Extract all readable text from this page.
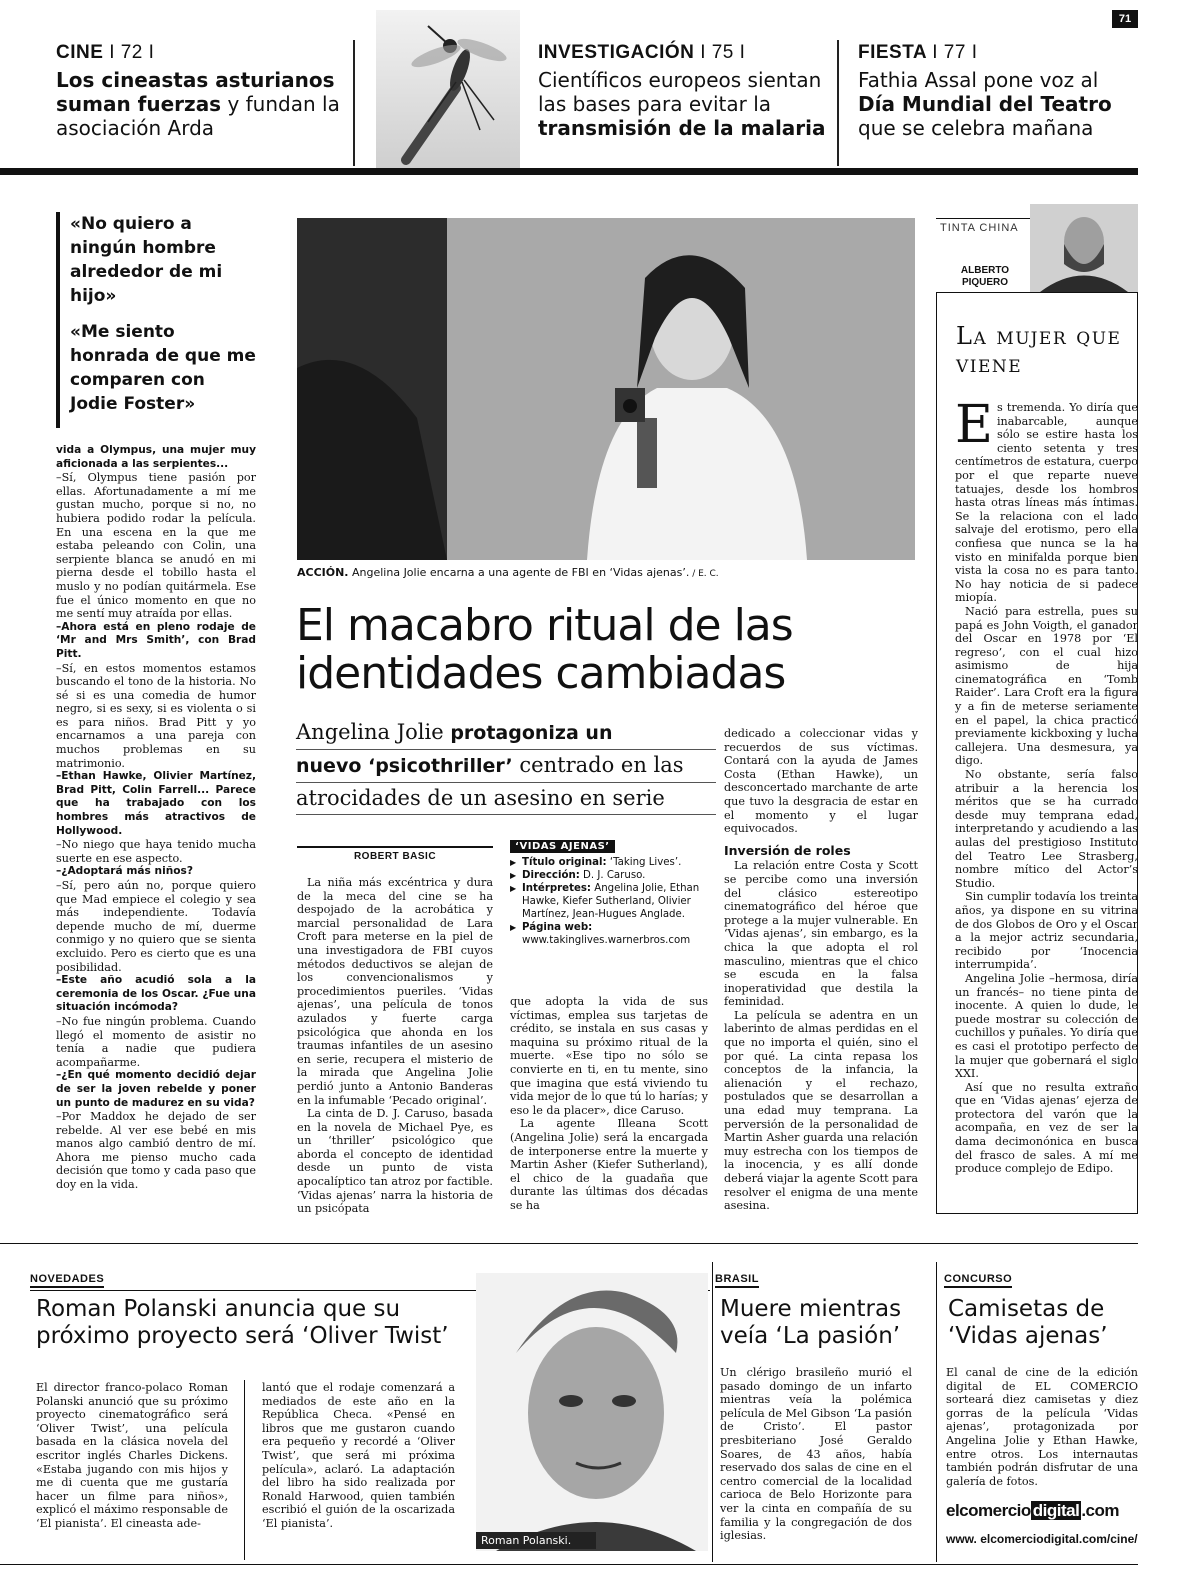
71
CINE I 72 I
Los cineastas asturianos suman fuerzas y fundan la asociación Arda
INVESTIGACIÓN I 75 I
Científicos europeos sientan las bases para evitar la transmisión de la malaria
FIESTA I 77 I
Fathia Assal pone voz al Día Mundial del Teatro que se celebra mañana

«No quiero a ningún hombre alrededor de mi hijo»

«Me siento honrada de que me comparen con Jodie Foster»

vida a Olympus, una mujer muy aficionada a las serpientes...

–Sí, Olympus tiene pasión por ellas. Afortunadamente a mí me gustan mucho, porque si no, no hubiera podido rodar la película. En una escena en la que me estaba peleando con Colin, una serpiente blanca se anudó en mi pierna desde el tobillo hasta el muslo y no podían quitármela. Ese fue el único momento en que no me sentí muy atraída por ellas.

–Ahora está en pleno rodaje de ‘Mr and Mrs Smith’, con Brad Pitt.

–Sí, en estos momentos estamos buscando el tono de la historia. No sé si es una comedia de humor negro, si es sexy, si es violenta o si es para niños. Brad Pitt y yo encarnamos a una pareja con muchos problemas en su matrimonio.

–Ethan Hawke, Olivier Martínez, Brad Pitt, Colin Farrell... Parece que ha trabajado con los hombres más atractivos de Hollywood.

–No niego que haya tenido mucha suerte en ese aspecto.

–¿Adoptará más niños?

–Sí, pero aún no, porque quiero que Mad empiece el colegio y sea más independiente. Todavía depende mucho de mí, duerme conmigo y no quiero que se sienta excluido. Pero es cierto que es una posibilidad.

–Este año acudió sola a la ceremonia de los Oscar. ¿Fue una situación incómoda?

–No fue ningún problema. Cuando llegó el momento de asistir no tenía a nadie que pudiera acompañarme.

–¿En qué momento decidió dejar de ser la joven rebelde y poner un punto de madurez en su vida?

–Por Maddox he dejado de ser rebelde. Al ver ese bebé en mis manos algo cambió dentro de mí. Ahora me pienso mucho cada decisión que tomo y cada paso que doy en la vida.

ACCIÓN. Angelina Jolie encarna a una agente de FBI en ‘Vidas ajenas’. / E. C.
El macabro ritual de las identidades cambiadas
Angelina Jolie protagoniza un
nuevo ‘psicothriller’ centrado en las
atrocidades de un asesino en serie
ROBERT BASIC
‘VIDAS AJENAS’
▶ Título original: ‘Taking Lives’.
▶ Dirección: D. J. Caruso.
▶ Intérpretes: Angelina Jolie, Ethan Hawke, Kiefer Sutherland, Olivier Martínez, Jean-Hugues Anglade.
▶ Página web: www.takinglives.warnerbros.com

La niña más excéntrica y dura de la meca del cine se ha despojado de la acrobática y marcial personalidad de Lara Croft para meterse en la piel de una investigadora de FBI cuyos métodos deductivos se alejan de los convencionalismos y procedimientos pueriles. ‘Vidas ajenas’, una película de tonos azulados y fuerte carga psicológica que ahonda en los traumas infantiles de un asesino en serie, recupera el misterio de la mirada que Angelina Jolie perdió junto a Antonio Banderas en la infumable ‘Pecado original’.

La cinta de D. J. Caruso, basada en la novela de Michael Pye, es un ‘thriller’ psicológico que aborda el concepto de identidad desde un punto de vista apocalíptico tan atroz por factible. ‘Vidas ajenas’ narra la historia de un psicópata

que adopta la vida de sus víctimas, emplea sus tarjetas de crédito, se instala en sus casas y maquina su próximo ritual de la muerte. «Ese tipo no sólo se convierte en ti, en tu mente, sino que imagina que está viviendo tu vida mejor de lo que tú lo harías; y eso le da placer», dice Caruso.

La agente Illeana Scott (Angelina Jolie) será la encargada de interponerse entre la muerte y Martin Asher (Kiefer Sutherland), el chico de la guadaña que durante las últimas dos décadas se ha

dedicado a coleccionar vidas y recuerdos de sus víctimas. Contará con la ayuda de James Costa (Ethan Hawke), un desconcertado marchante de arte que tuvo la desgracia de estar en el momento y el lugar equivocados.

Inversión de roles

La relación entre Costa y Scott se percibe como una inversión del clásico estereotipo cinematográfico del héroe que protege a la mujer vulnerable. En ‘Vidas ajenas’, sin embargo, es la chica la que adopta el rol masculino, mientras que el chico se escuda en la falsa inoperatividad que destila la feminidad.

La película se adentra en un laberinto de almas perdidas en el que no importa el quién, sino el por qué. La cinta repasa los conceptos de la infancia, la alienación y el rechazo, postulados que se desarrollan a una edad muy temprana. La perversión de la personalidad de Martin Asher guarda una relación muy estrecha con los tiempos de la inocencia, y es allí donde deberá viajar la agente Scott para resolver el enigma de una mente asesina.

TINTA CHINA
ALBERTO PIQUERO
La mujer que viene

Es tremenda. Yo diría que inabarcable, aunque sólo se estire hasta los ciento setenta y tres centímetros de estatura, cuerpo por el que reparte nueve tatuajes, desde los hombros hasta otras líneas más íntimas. Se la relaciona con el lado salvaje del erotismo, pero ella confiesa que nunca se la ha visto en minifalda porque bien vista la cosa no es para tanto. No hay noticia de si padece miopía.

Nació para estrella, pues su papá es John Voigth, el ganador del Oscar en 1978 por ‘El regreso’, con el cual hizo asimismo de hija cinematográfica en ‘Tomb Raider’. Lara Croft era la figura y a fin de meterse seriamente en el papel, la chica practicó previamente kickboxing y lucha callejera. Una desmesura, ya digo.

No obstante, sería falso atribuir a la herencia los méritos que se ha currado desde muy temprana edad, interpretando y acudiendo a las aulas del prestigioso Instituto del Teatro Lee Strasberg, nombre mítico del Actor’s Studio.

Sin cumplir todavía los treinta años, ya dispone en su vitrina de dos Globos de Oro y el Oscar a la mejor actriz secundaria, recibido por ‘Inocencia interrumpida’.

Angelina Jolie –hermosa, diría un francés– no tiene pinta de inocente. A quien lo dude, le puede mostrar su colección de cuchillos y puñales. Yo diría que es casi el prototipo perfecto de la mujer que gobernará el siglo XXI.

Así que no resulta extraño que en ‘Vidas ajenas’ ejerza de protectora del varón que la acompaña, en vez de ser la dama decimonónica en busca del frasco de sales. A mí me produce complejo de Edipo.

NOVEDADES
Roman Polanski anuncia que su próximo proyecto será ‘Oliver Twist’

El director franco-polaco Roman Polanski anunció que su próximo proyecto cinematográfico será ‘Oliver Twist’, una película basada en la clásica novela del escritor inglés Charles Dickens. «Estaba jugando con mis hijos y me di cuenta que me gustaría hacer un filme para niños», explicó el máximo responsable de ‘El pianista’. El cineasta ade-

lantó que el rodaje comenzará a mediados de este año en la República Checa. «Pensé en libros que me gustaron cuando era pequeño y recordé a ‘Oliver Twist’, que será mi próxima película», aclaró. La adaptación del libro ha sido realizada por Ronald Harwood, quien también escribió el guión de la oscarizada ‘El pianista’.

Roman Polanski.
BRASIL
Muere mientras veía ‘La pasión’

Un clérigo brasileño murió el pasado domingo de un infarto mientras veía la polémica película de Mel Gibson ‘La pasión de Cristo’. El pastor presbiteriano José Geraldo Soares, de 43 años, había reservado dos salas de cine en el centro comercial de la localidad carioca de Belo Horizonte para ver la cinta en compañía de su familia y la congregación de dos iglesias.

CONCURSO
Camisetas de ‘Vidas ajenas’

El canal de cine de la edición digital de EL COMERCIO sorteará diez camisetas y diez gorras de la película ‘Vidas ajenas’, protagonizada por Angelina Jolie y Ethan Hawke, entre otros. Los internautas también podrán disfrutar de una galería de fotos.

elcomercio digital .com
www. elcomerciodigital.com/cine/
